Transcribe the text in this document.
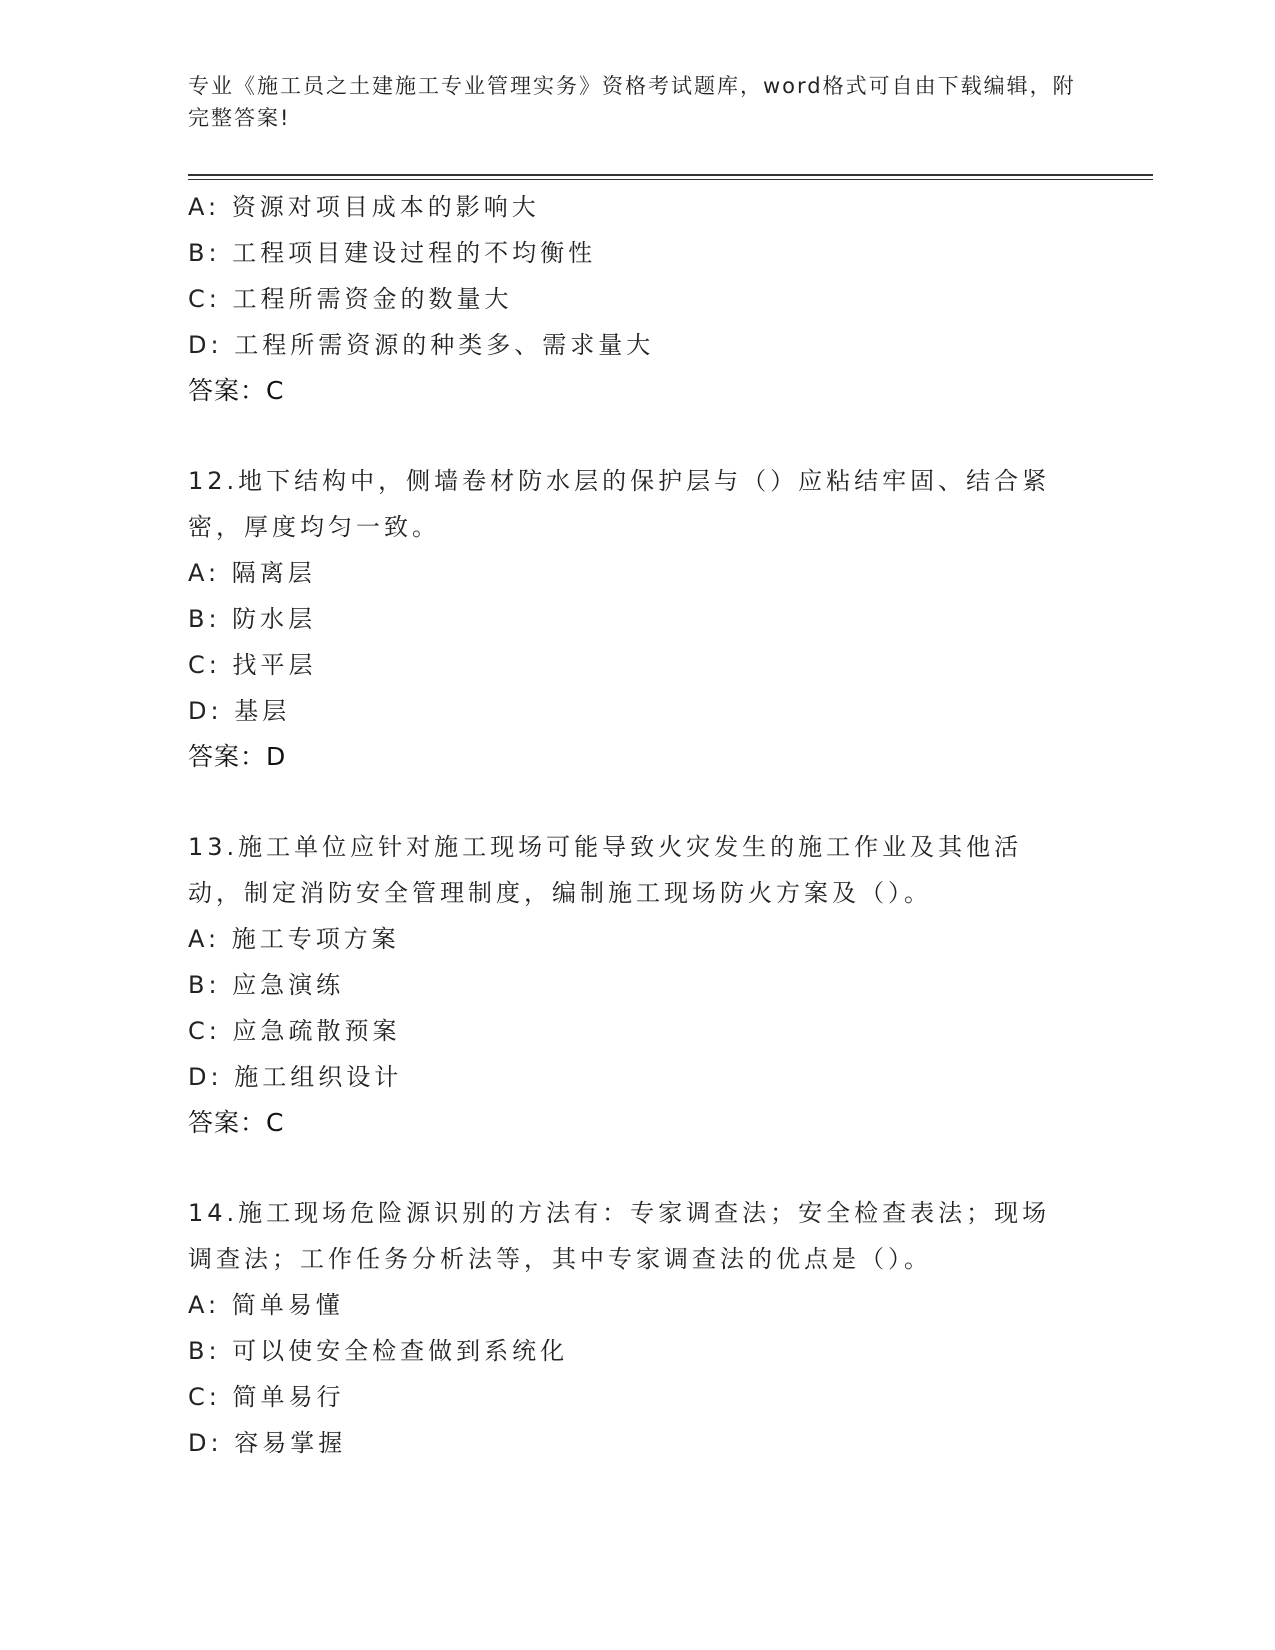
专业《施工员之土建施工专业管理实务》资格考试题库，word格式可自由下载编辑，附完整答案!
A: 资源对项目成本的影响大
B: 工程项目建设过程的不均衡性
C: 工程所需资金的数量大
D: 工程所需资源的种类多、需求量大
答案：C
12.地下结构中，侧墙卷材防水层的保护层与（）应粘结牢固、结合紧密，厚度均匀一致。
A: 隔离层
B: 防水层
C: 找平层
D: 基层
答案：D
13.施工单位应针对施工现场可能导致火灾发生的施工作业及其他活动，制定消防安全管理制度，编制施工现场防火方案及（）。
A: 施工专项方案
B: 应急演练
C: 应急疏散预案
D: 施工组织设计
答案：C
14.施工现场危险源识别的方法有：专家调查法；安全检查表法；现场调查法；工作任务分析法等，其中专家调查法的优点是（）。
A: 简单易懂
B: 可以使安全检查做到系统化
C: 简单易行
D: 容易掌握
